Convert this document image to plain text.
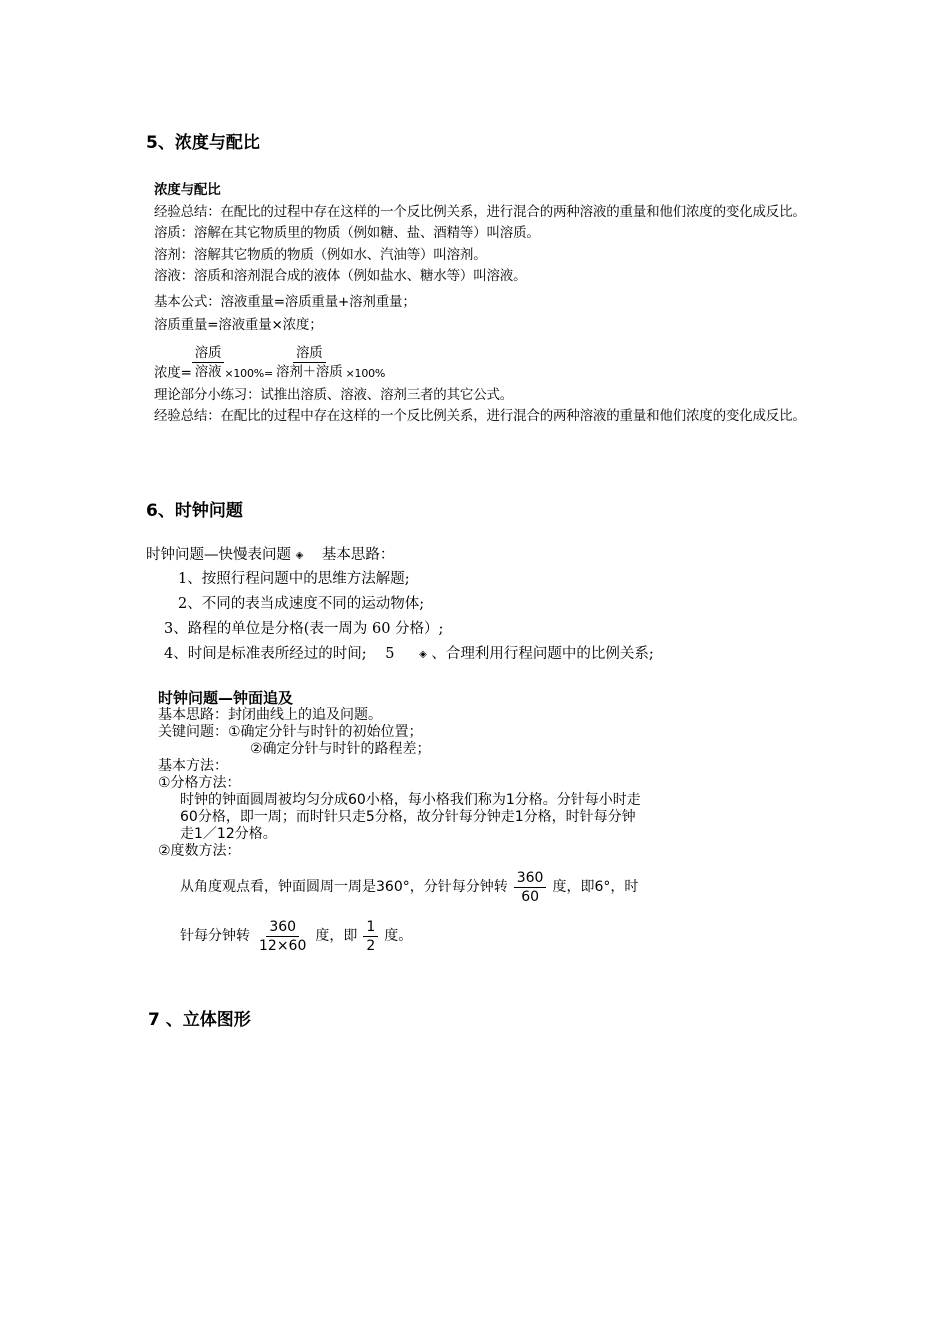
5、浓度与配比
浓度与配比
经验总结：在配比的过程中存在这样的一个反比例关系，进行混合的两种溶液的重量和他们浓度的变化成反比。
溶质：溶解在其它物质里的物质（例如糖、盐、酒精等）叫溶质。
溶剂：溶解其它物质的物质（例如水、汽油等）叫溶剂。
溶液：溶质和溶剂混合成的液体（例如盐水、糖水等）叫溶液。
基本公式：溶液重量=溶质重量+溶剂重量；
溶质重量=溶液重量×浓度；
浓度= $\frac{\text{溶质}}{\text{溶液}} \times 100\%= \frac{\text{溶质}}{\text{溶剂＋溶质}} \times 100\%$
理论部分小练习：试推出溶质、溶液、溶剂三者的其它公式。
经验总结：在配比的过程中存在这样的一个反比例关系，进行混合的两种溶液的重量和他们浓度的变化成反比。
6、时钟问题
时钟问题—快慢表问题 ◈ 基本思路：
1、按照行程问题中的思维方法解题;
2、不同的表当成速度不同的运动物体;
3、路程的单位是分格(表一周为 60 分格）;
4、时间是标准表所经过的时间; 5 ◈ 、合理利用行程问题中的比例关系;
时钟问题—钟面追及
基本思路：封闭曲线上的追及问题。
关键问题：①确定分针与时针的初始位置；
②确定分针与时针的路程差；
基本方法：
①分格方法：
时钟的钟面圆周被均匀分成60小格，每小格我们称为1分格。分针每小时走
60分格，即一周；而时针只走5分格，故分针每分钟走1分格，时针每分钟
走1／12分格。
②度数方法：
从角度观点看，钟面圆周一周是360°，分针每分钟转 $\frac{360}{60}$ 度，即6°，时
针每分钟转 $\frac{360}{12\times 60}$ 度，即 $\frac{1}{2}$ 度。
7 、立体图形
